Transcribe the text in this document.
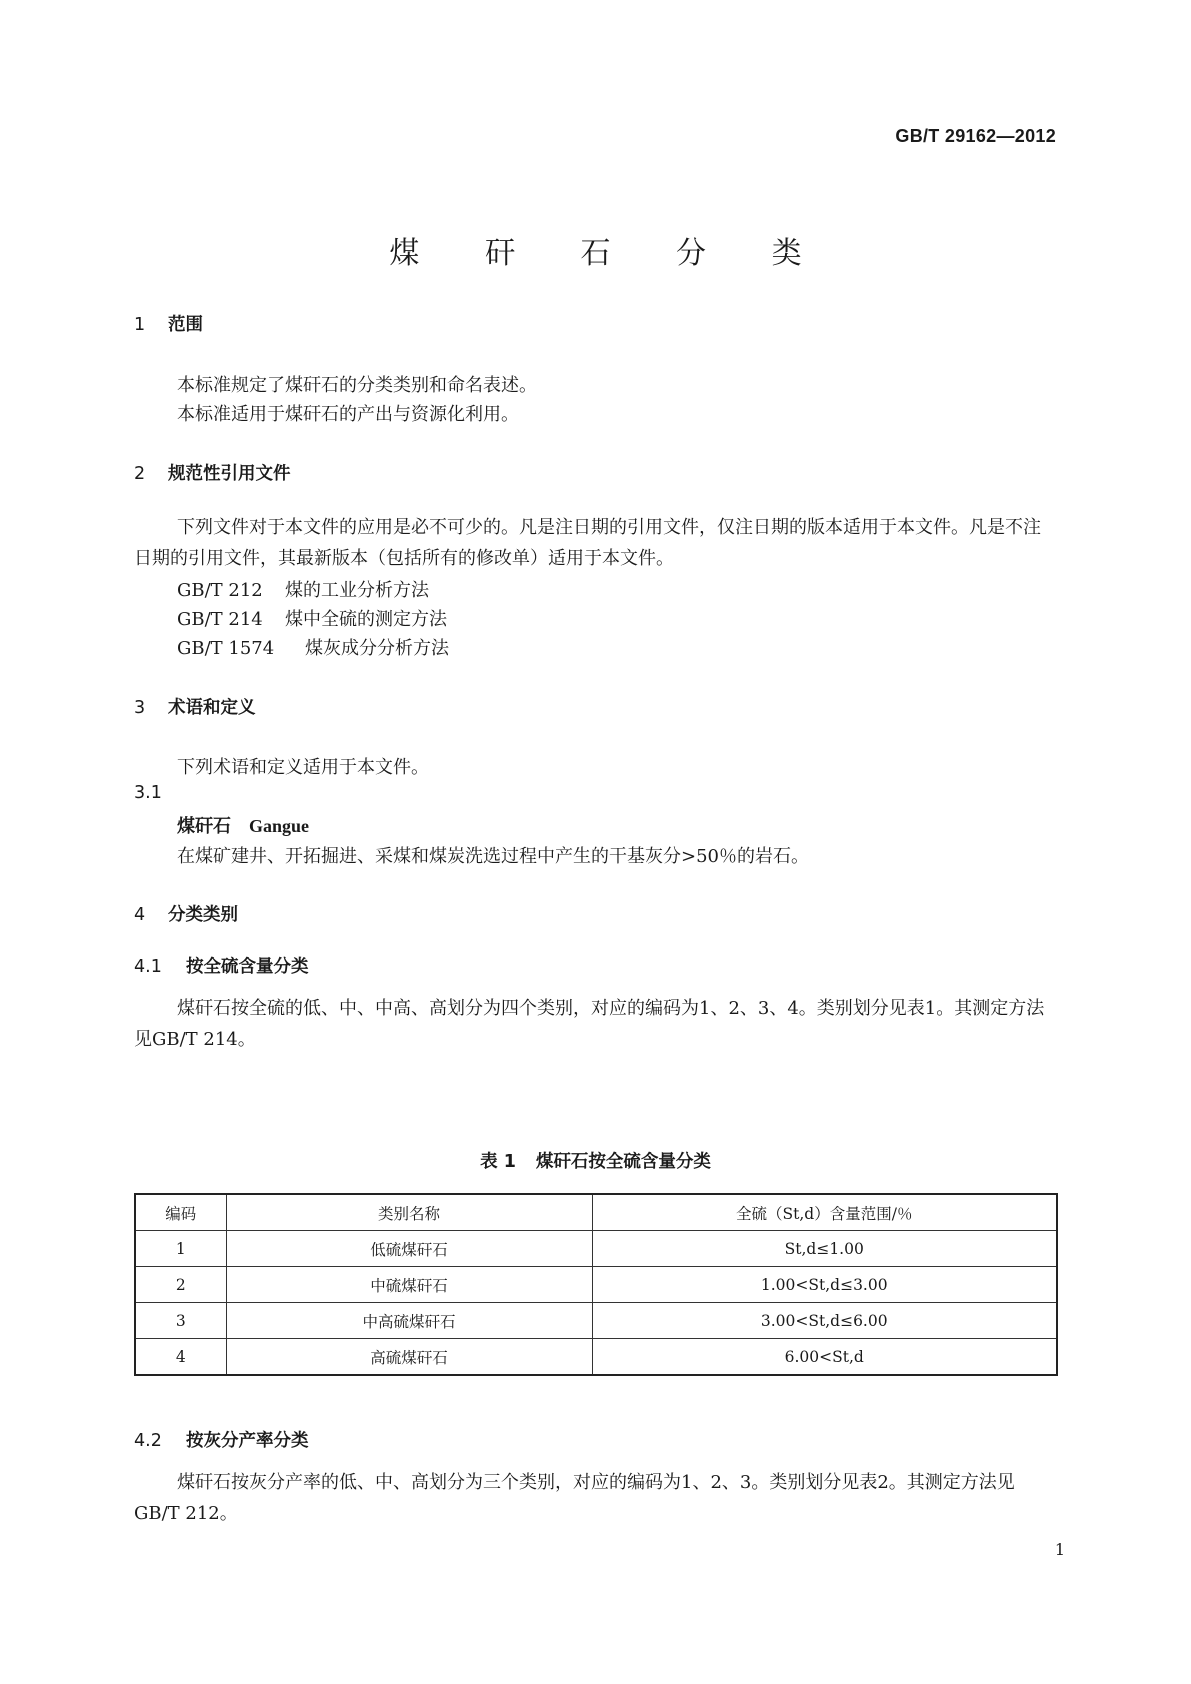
GB/T 29162—2012
煤 矸 石 分 类
1 范围
本标准规定了煤矸石的分类类别和命名表述。
本标准适用于煤矸石的产出与资源化利用。
2 规范性引用文件
下列文件对于本文件的应用是必不可少的。凡是注日期的引用文件，仅注日期的版本适用于本文件。凡是不注日期的引用文件，其最新版本（包括所有的修改单）适用于本文件。
GB/T 212 煤的工业分析方法
GB/T 214 煤中全硫的测定方法
GB/T 1574 煤灰成分分析方法
3 术语和定义
下列术语和定义适用于本文件。
3.1
煤矸石 Gangue
在煤矿建井、开拓掘进、采煤和煤炭洗选过程中产生的干基灰分>50％的岩石。
4 分类类别
4.1 按全硫含量分类
煤矸石按全硫的低、中、中高、高划分为四个类别，对应的编码为1、2、3、4。类别划分见表1。其测定方法见GB/T 214。
表 1 煤矸石按全硫含量分类
编码	类别名称	全硫（St,d）含量范围/％
1	低硫煤矸石	St,d≤1.00
2	中硫煤矸石	1.00<St,d≤3.00
3	中高硫煤矸石	3.00<St,d≤6.00
4	高硫煤矸石	6.00<St,d
4.2 按灰分产率分类
煤矸石按灰分产率的低、中、高划分为三个类别，对应的编码为1、2、3。类别划分见表2。其测定方法见GB/T 212。
1
